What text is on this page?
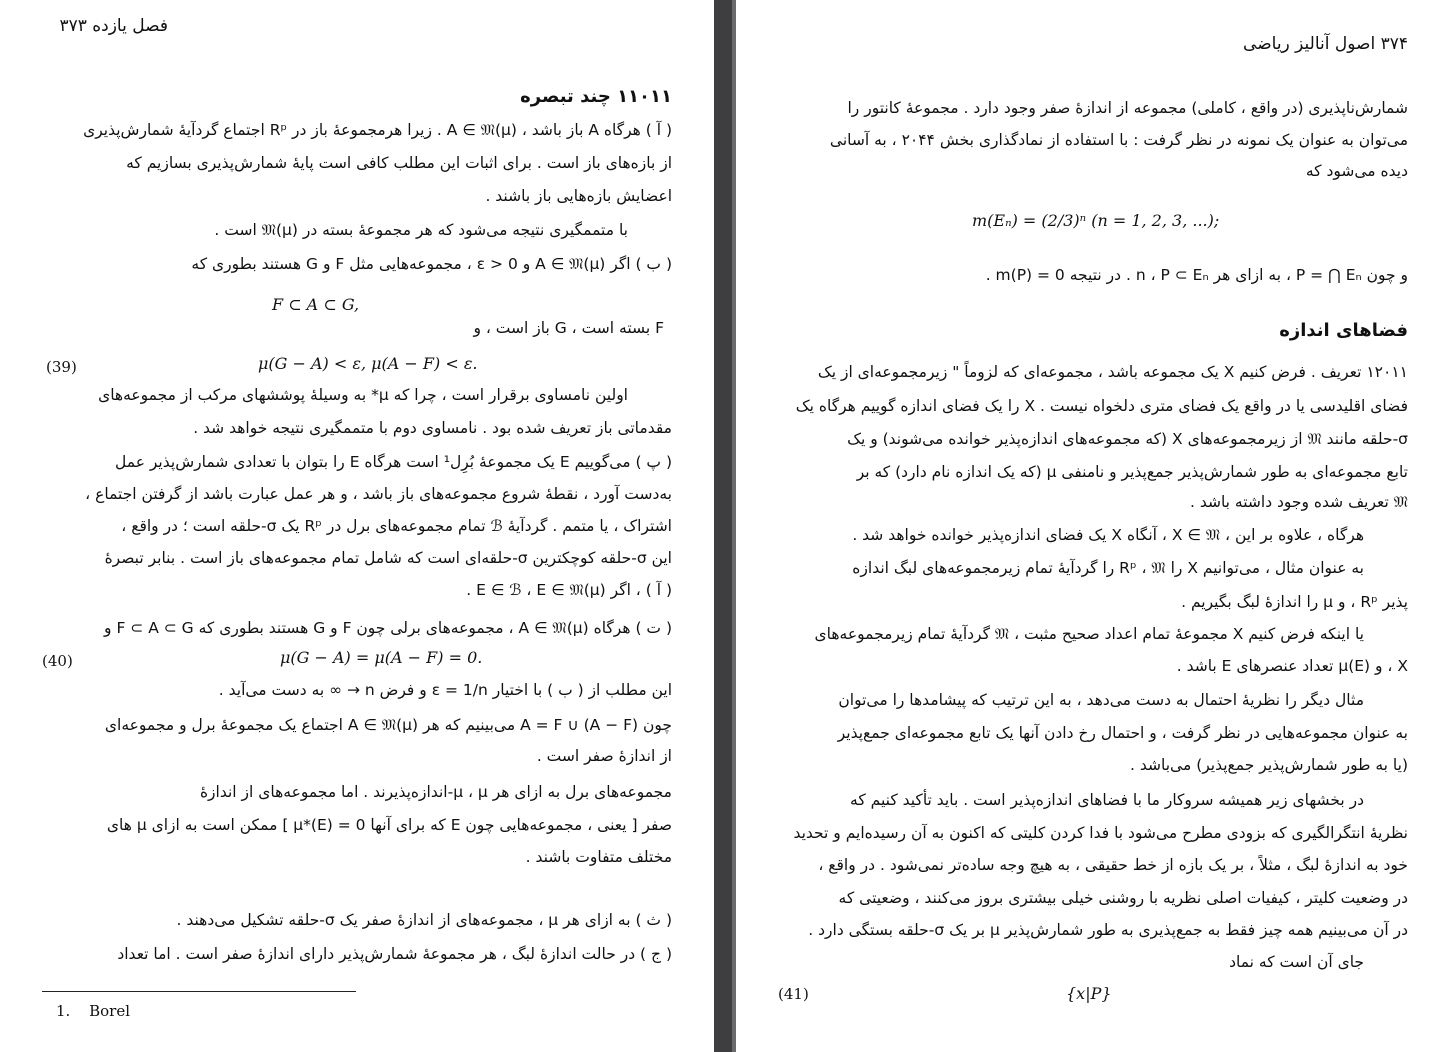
فصل یازده ۳۷۳
۱۱۰۱۱ چند تبصره
( آ ) هرگاه A باز باشد ، A ∈ 𝔐(μ) . زیرا هرمجموعهٔ باز در Rᵖ اجتماع گردآیهٔ شمارش‌پذیری
از بازه‌های باز است . برای اثبات این مطلب کافی است پایهٔ شمارش‌پذیری بسازیم که
اعضایش بازه‌هایی باز باشند .
با متممگیری نتیجه می‌شود که هر مجموعهٔ بسته در 𝔐(μ) است .
( ب ) اگر A ∈ 𝔐(μ) و ε > 0 ، مجموعه‌هایی مثل F و G هستند بطوری که
F ⊂ A ⊂ G,
F بسته است ، G باز است ، و
(39)	μ(G − A) < ε, μ(A − F) < ε.
اولین نامساوی برقرار است ، چرا که μ* به وسیلهٔ پوششهای مرکب از مجموعه‌های
مقدماتی باز تعریف شده بود . نامساوی دوم با متممگیری نتیجه خواهد شد .
( پ ) می‌گوییم E یک مجموعهٔ بُرِل¹ است هرگاه E را بتوان با تعدادی شمارش‌پذیر عمل
به‌دست آورد ، نقطهٔ شروع مجموعه‌های باز باشد ، و هر عمل عبارت باشد از گرفتن اجتماع ،
اشتراک ، یا متمم . گردآیهٔ ℬ تمام مجموعه‌های برل در Rᵖ یک σ-حلقه است ؛ در واقع ،
این σ-حلقه کوچکترین σ-حلقه‌ای است که شامل تمام مجموعه‌های باز است . بنابر تبصرهٔ
( آ ) ، اگر E ∈ ℬ ، E ∈ 𝔐(μ) .
( ت ) هرگاه A ∈ 𝔐(μ) ، مجموعه‌های برلی چون F و G هستند بطوری که F ⊂ A ⊂ G و
(40)	μ(G − A) = μ(A − F) = 0.
این مطلب از ( ب ) با اختیار ε = 1/n و فرض n → ∞ به دست می‌آید .
چون A = F ∪ (A − F) می‌بینیم که هر A ∈ 𝔐(μ) اجتماع یک مجموعهٔ برل و مجموعه‌ای
از اندازهٔ صفر است .
مجموعه‌های برل به ازای هر μ ، μ-اندازه‌پذیرند . اما مجموعه‌های از اندازهٔ
صفر [ یعنی ، مجموعه‌هایی چون E که برای آنها μ*(E) = 0 ] ممکن است به ازای μ های
مختلف متفاوت باشند .
( ث ) به ازای هر μ ، مجموعه‌های از اندازهٔ صفر یک σ-حلقه تشکیل می‌دهند .
( ج ) در حالت اندازهٔ لبگ ، هر مجموعهٔ شمارش‌پذیر دارای اندازهٔ صفر است . اما تعداد
1. Borel
۳۷۴ اصول آنالیز ریاضی
شمارش‌ناپذیری (در واقع ، کاملی) مجموعه از اندازهٔ صفر وجود دارد . مجموعهٔ کانتور را
می‌توان به عنوان یک نمونه در نظر گرفت : با استفاده از نمادگذاری بخش ۲۰۴۴ ، به آسانی
دیده می‌شود که
m(Eₙ) = (2/3)ⁿ (n = 1, 2, 3, ...);
و چون P = ⋂ Eₙ ، به ازای هر n ، P ⊂ Eₙ . در نتیجه m(P) = 0 .
فضاهای اندازه
۱۲۰۱۱ تعریف . فرض کنیم X یک مجموعه باشد ، مجموعه‌ای که لزوماً " زیرمجموعه‌ای از یک
فضای اقلیدسی یا در واقع یک فضای متری دلخواه نیست . X را یک فضای اندازه گوییم هرگاه یک
σ-حلقه مانند 𝔐 از زیرمجموعه‌های X (که مجموعه‌های اندازه‌پذیر خوانده می‌شوند) و یک
تابع مجموعه‌ای به طور شمارش‌پذیر جمع‌پذیر و نامنفی μ (که یک اندازه نام دارد) که بر
𝔐 تعریف شده وجود داشته باشد .
هرگاه ، علاوه بر این ، X ∈ 𝔐 ، آنگاه X یک فضای اندازه‌پذیر خوانده خواهد شد .
به عنوان مثال ، می‌توانیم X را Rᵖ ، 𝔐 را گردآیهٔ تمام زیرمجموعه‌های لبگ اندازه
پذیر Rᵖ ، و μ را اندازهٔ لبگ بگیریم .
یا اینکه فرض کنیم X مجموعهٔ تمام اعداد صحیح مثبت ، 𝔐 گردآیهٔ تمام زیرمجموعه‌های
X ، و μ(E) تعداد عنصرهای E باشد .
مثال دیگر را نظریهٔ احتمال به دست می‌دهد ، به این ترتیب که پیشامدها را می‌توان
به عنوان مجموعه‌هایی در نظر گرفت ، و احتمال رخ دادن آنها یک تابع مجموعه‌ای جمع‌پذیر
(یا به طور شمارش‌پذیر جمع‌پذیر) می‌باشد .
در بخشهای زیر همیشه سروکار ما با فضاهای اندازه‌پذیر است . باید تأکید کنیم که
نظریهٔ انتگرالگیری که بزودی مطرح می‌شود با فدا کردن کلیتی که اکنون به آن رسیده‌ایم و تحدید
خود به اندازهٔ لبگ ، مثلاً ، بر یک بازه از خط حقیقی ، به هیچ وجه ساده‌تر نمی‌شود . در واقع ،
در وضعیت کلیتر ، کیفیات اصلی نظریه با روشنی خیلی بیشتری بروز می‌کنند ، وضعیتی که
در آن می‌بینیم همه چیز فقط به جمع‌پذیری به طور شمارش‌پذیر μ بر یک σ-حلقه بستگی دارد .
جای آن است که نماد
(41)	{x|P}
